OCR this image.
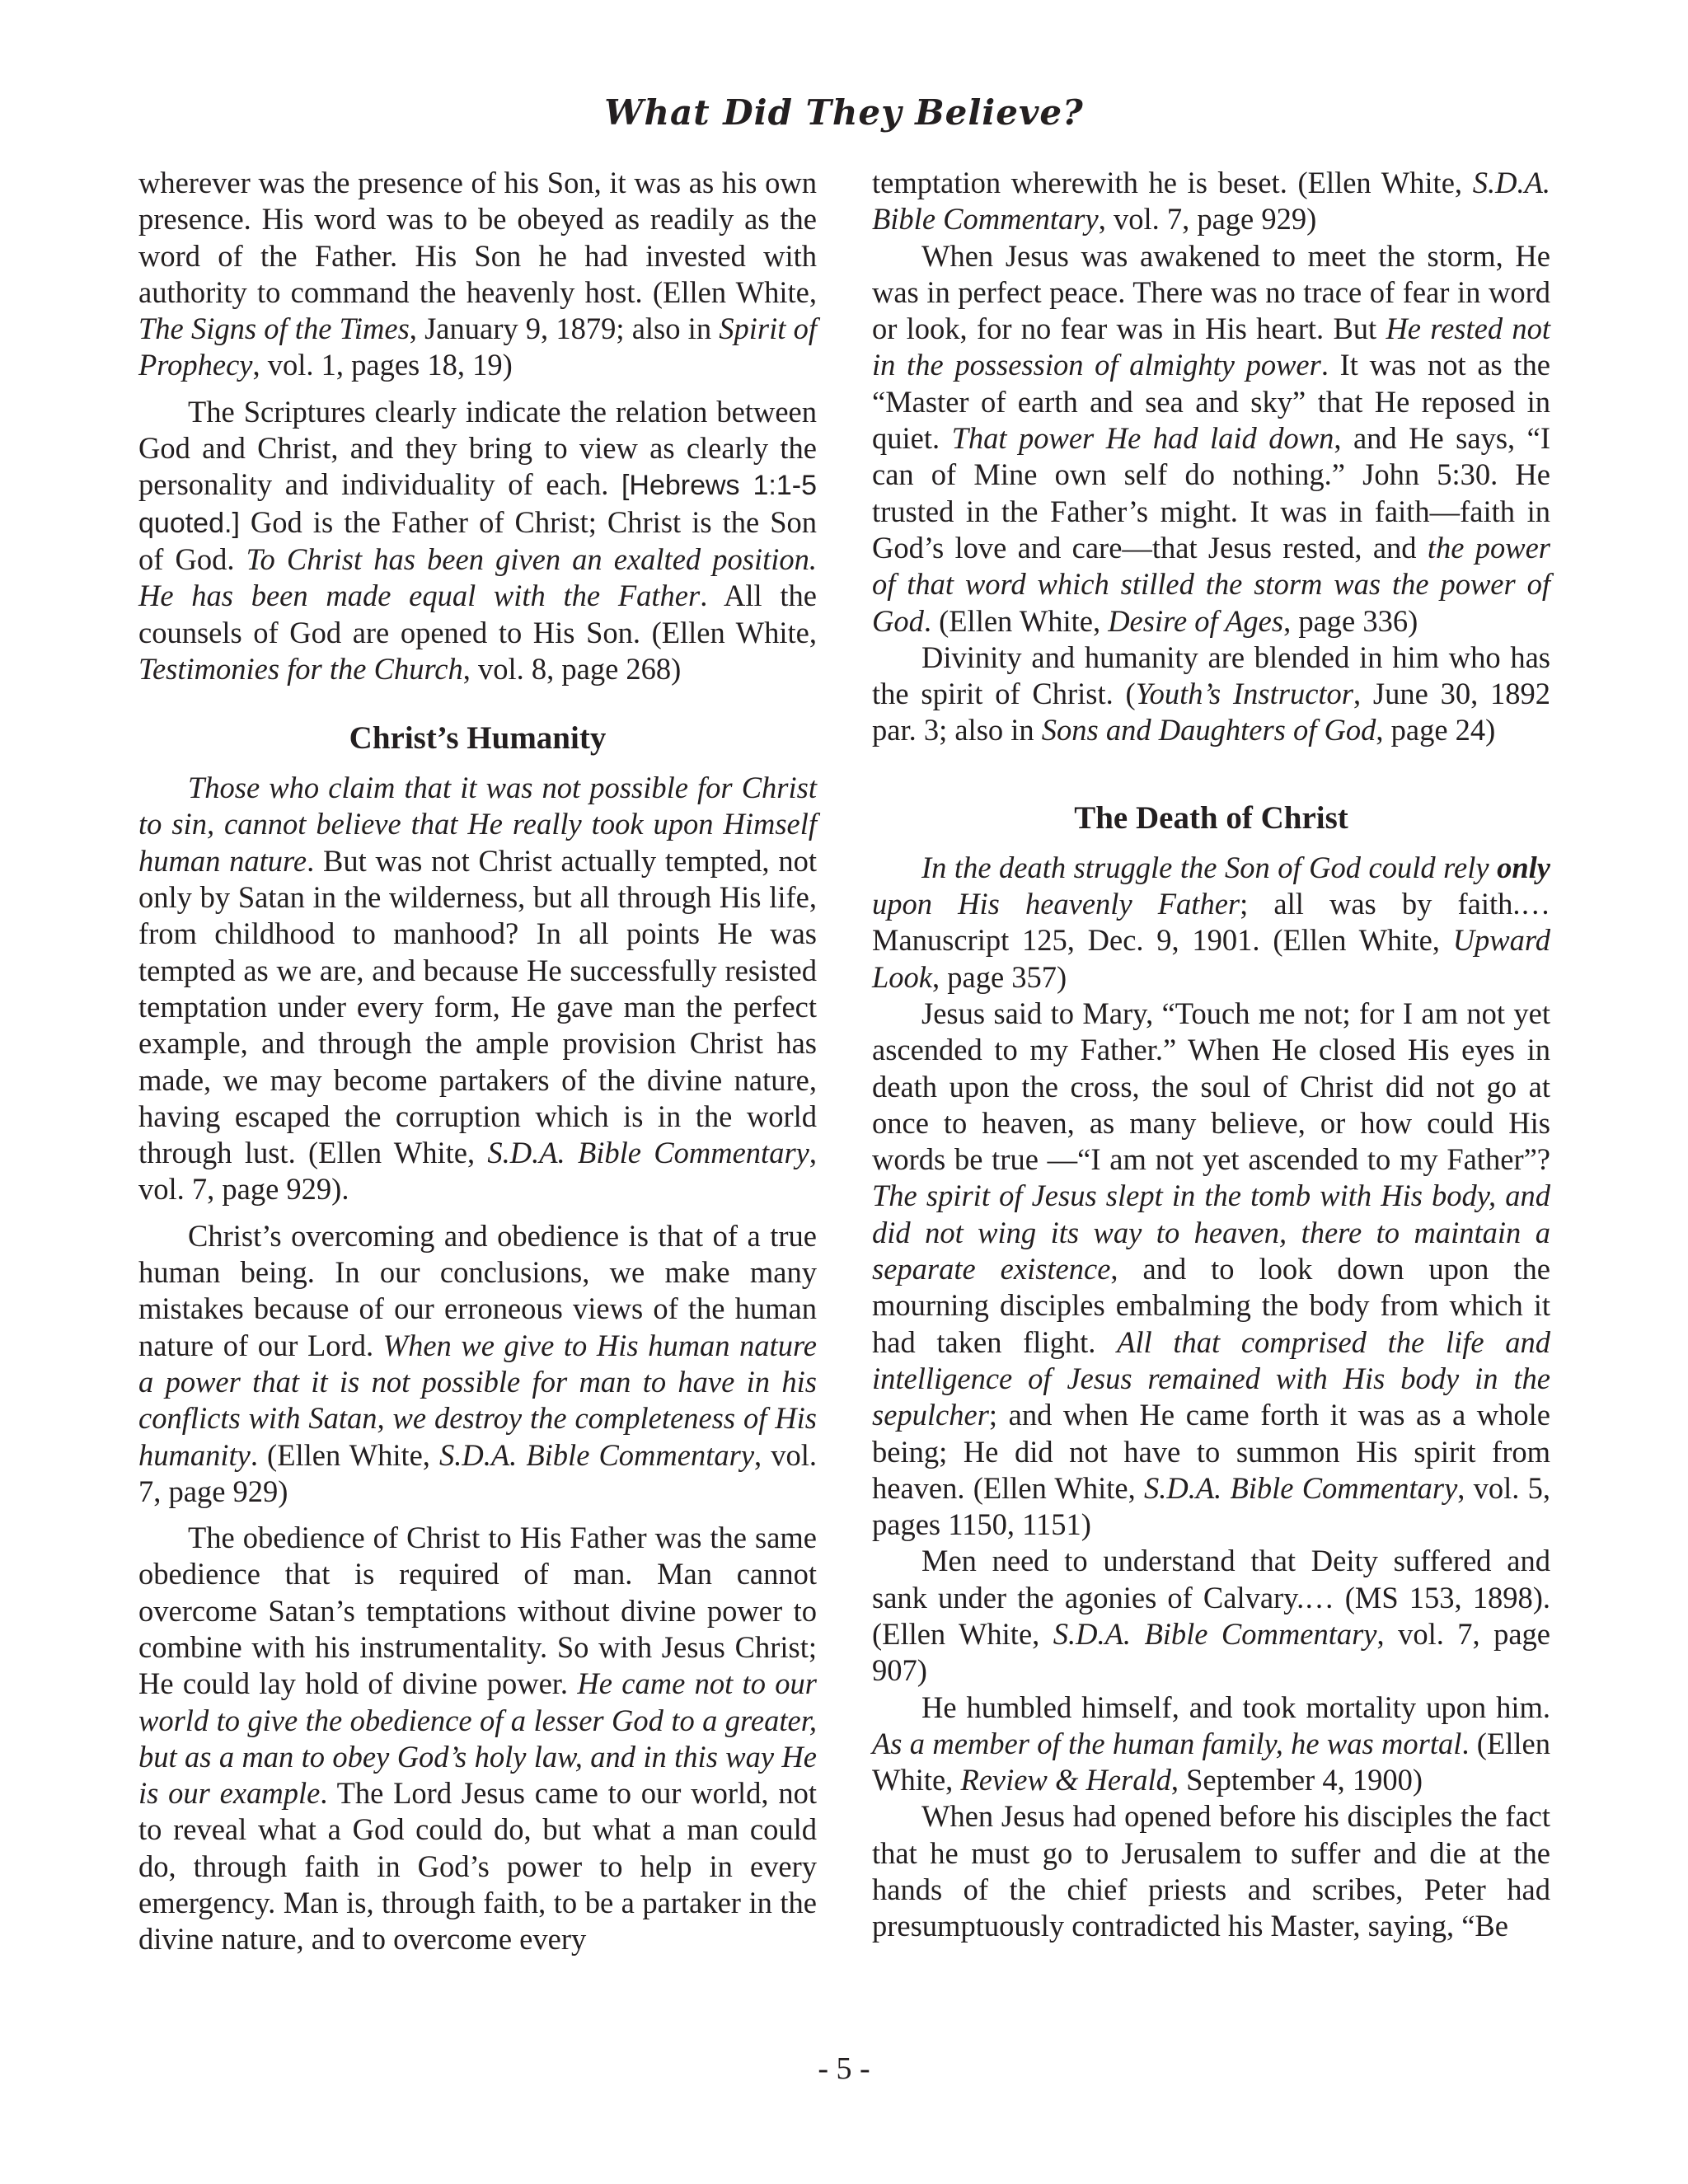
What Did They Believe?

wherever was the presence of his Son, it was as his own presence. His word was to be obeyed as readily as the word of the Father. His Son he had invested with authority to command the heavenly host. (Ellen White, The Signs of the Times, January 9, 1879; also in Spirit of Prophecy, vol. 1, pages 18, 19)

The Scriptures clearly indicate the relation between God and Christ, and they bring to view as clearly the personality and individuality of each. [Hebrews 1:1-5 quoted.] God is the Father of Christ; Christ is the Son of God. To Christ has been given an exalted position. He has been made equal with the Father. All the counsels of God are opened to His Son. (Ellen White, Testimonies for the Church, vol. 8, page 268)

Christ’s Humanity

Those who claim that it was not possible for Christ to sin, cannot believe that He really took upon Himself human nature. But was not Christ actually tempted, not only by Satan in the wilderness, but all through His life, from childhood to manhood? In all points He was tempted as we are, and because He successfully resisted temptation under every form, He gave man the perfect example, and through the ample provision Christ has made, we may become partakers of the divine nature, having escaped the corruption which is in the world through lust. (Ellen White, S.D.A. Bible Commentary, vol. 7, page 929).

Christ’s overcoming and obedience is that of a true human being. In our conclusions, we make many mistakes because of our erroneous views of the human nature of our Lord. When we give to His human nature a power that it is not possible for man to have in his conflicts with Satan, we destroy the completeness of His humanity. (Ellen White, S.D.A. Bible Commentary, vol. 7, page 929)

The obedience of Christ to His Father was the same obedience that is required of man. Man cannot overcome Satan’s temptations without divine power to combine with his instrumentality. So with Jesus Christ; He could lay hold of divine power. He came not to our world to give the obedience of a lesser God to a greater, but as a man to obey God’s holy law, and in this way He is our example. The Lord Jesus came to our world, not to reveal what a God could do, but what a man could do, through faith in God’s power to help in every emergency. Man is, through faith, to be a partaker in the divine nature, and to overcome every

temptation wherewith he is beset. (Ellen White, S.D.A. Bible Commentary, vol. 7, page 929)

When Jesus was awakened to meet the storm, He was in perfect peace. There was no trace of fear in word or look, for no fear was in His heart. But He rested not in the possession of almighty power. It was not as the “Master of earth and sea and sky” that He reposed in quiet. That power He had laid down, and He says, “I can of Mine own self do nothing.” John 5:30. He trusted in the Father’s might. It was in faith—faith in God’s love and care—that Jesus rested, and the power of that word which stilled the storm was the power of God. (Ellen White, Desire of Ages, page 336)

Divinity and humanity are blended in him who has the spirit of Christ. (Youth’s Instructor, June 30, 1892 par. 3; also in Sons and Daughters of God, page 24)

The Death of Christ

In the death struggle the Son of God could rely only upon His heavenly Father; all was by faith.… Manuscript 125, Dec. 9, 1901. (Ellen White, Upward Look, page 357)

Jesus said to Mary, “Touch me not; for I am not yet ascended to my Father.” When He closed His eyes in death upon the cross, the soul of Christ did not go at once to heaven, as many believe, or how could His words be true —“I am not yet ascended to my Father”? The spirit of Jesus slept in the tomb with His body, and did not wing its way to heaven, there to maintain a separate existence, and to look down upon the mourning disciples embalming the body from which it had taken flight. All that comprised the life and intelligence of Jesus remained with His body in the sepulcher; and when He came forth it was as a whole being; He did not have to summon His spirit from heaven. (Ellen White, S.D.A. Bible Commentary, vol. 5, pages 1150, 1151)

Men need to understand that Deity suffered and sank under the agonies of Calvary.… (MS 153, 1898). (Ellen White, S.D.A. Bible Commentary, vol. 7, page 907)

He humbled himself, and took mortality upon him. As a member of the human family, he was mortal. (Ellen White, Review & Herald, September 4, 1900)

When Jesus had opened before his disciples the fact that he must go to Jerusalem to suffer and die at the hands of the chief priests and scribes, Peter had presumptuously contradicted his Master, saying, “Be

- 5 -
